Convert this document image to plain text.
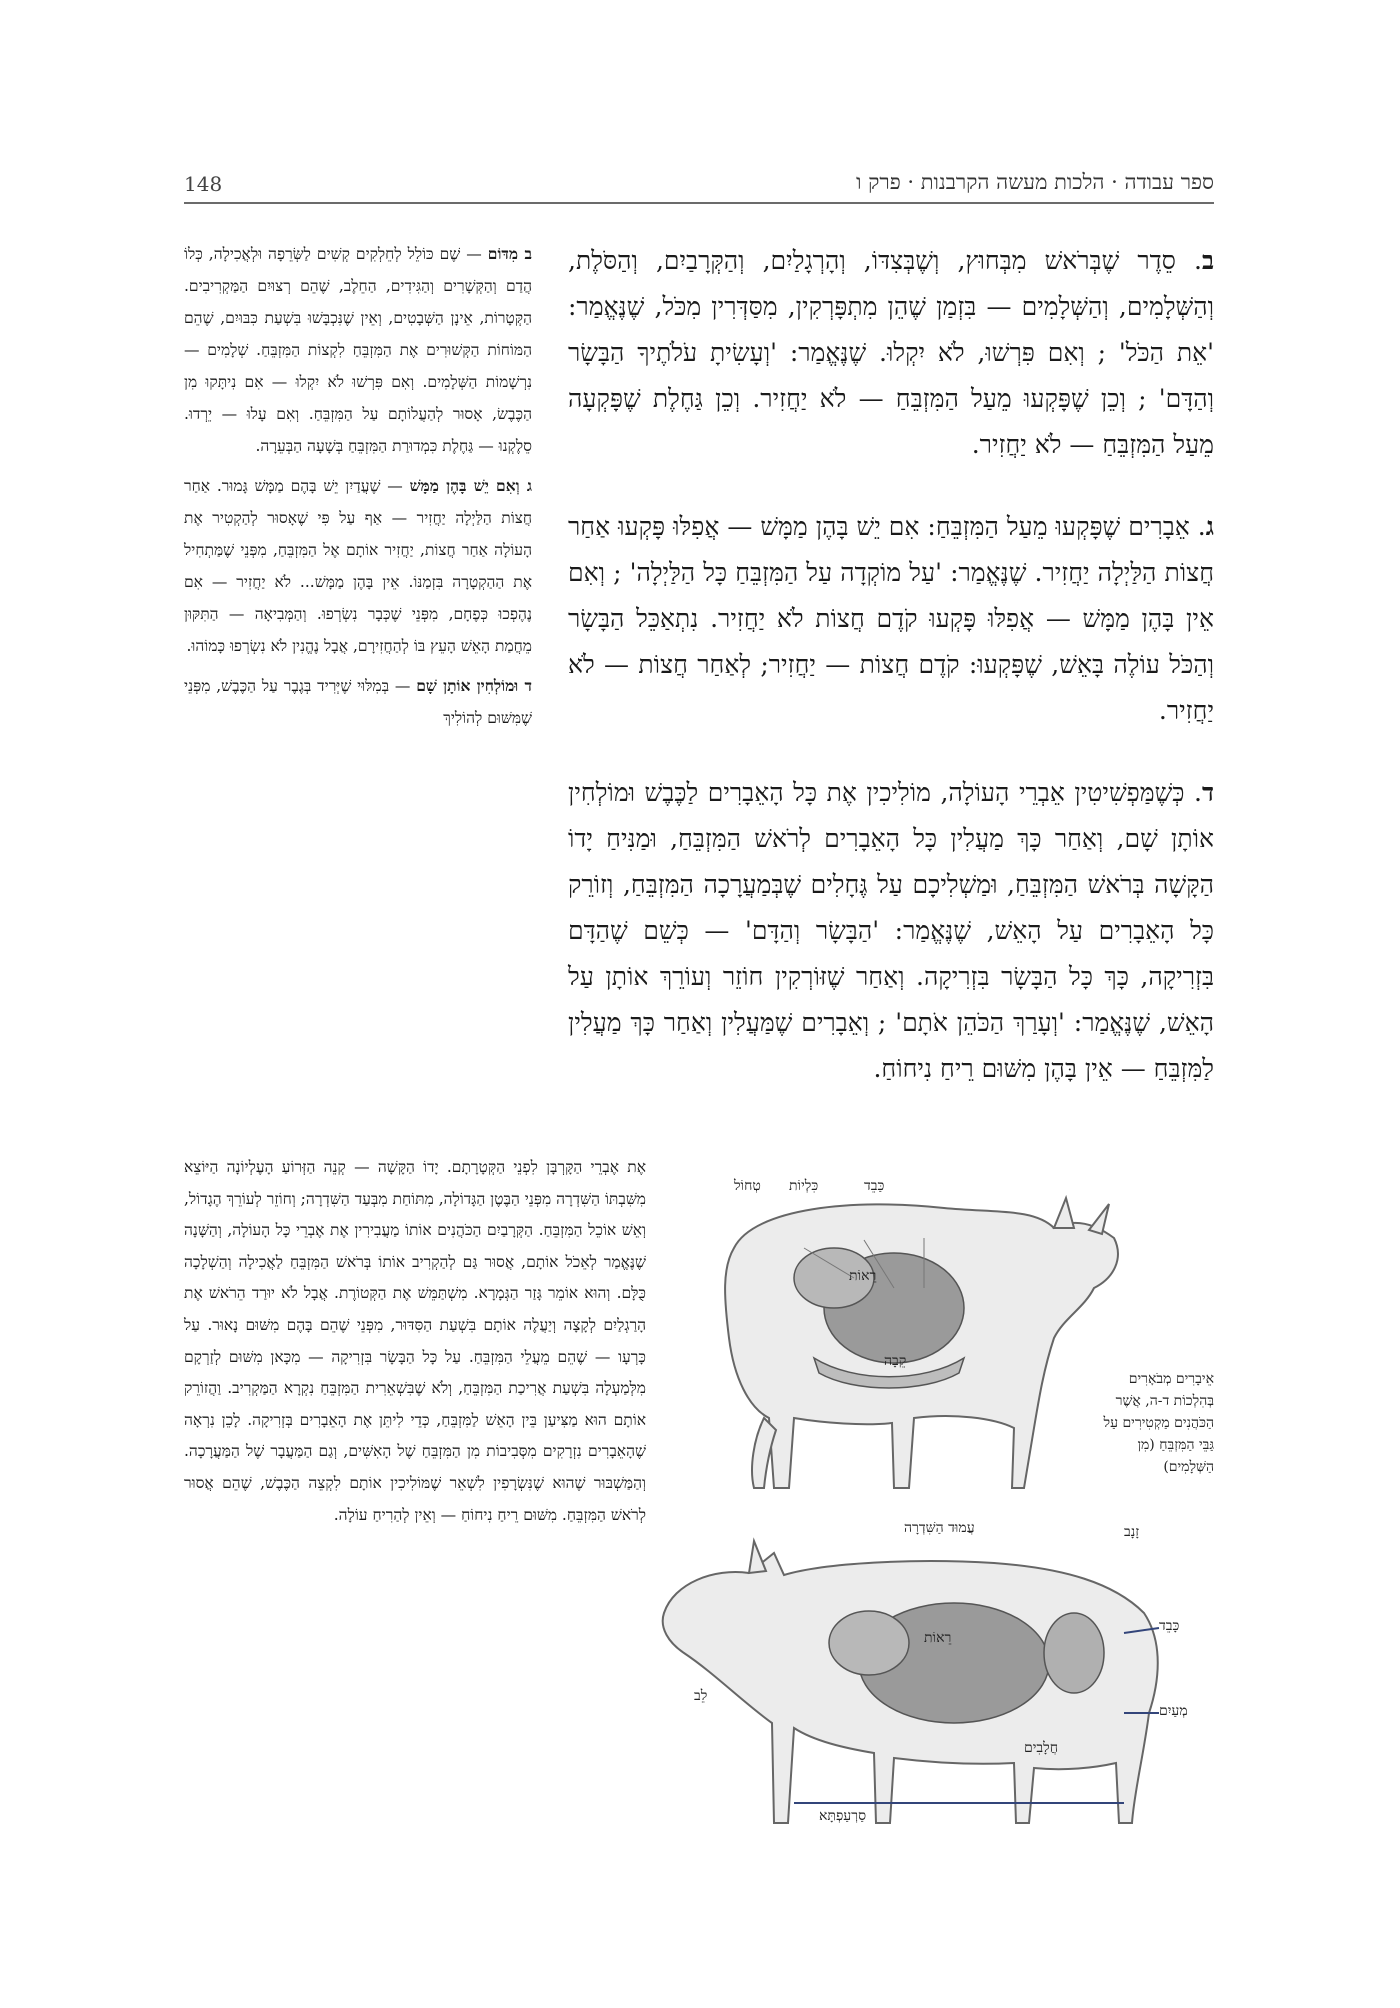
148	ספר עבודה · הלכות מעשה הקרבנות · פרק ו

ב. סֵדֶר שֶׁבְּרֹאשׁ מִבְּחוּץ, וְשֶׁבְּצִדּוֹ, וְהָרְגָלַיִם, וְהַקְּרָבַיִם, וְהַסֹּלֶת, וְהַשְּׁלָמִים, וְהַשְּׁלָמִים — בִּזְמַן שֶׁהֵן מִתְפָּרְקִין, מִסַּדְּרִין מִכֹּל, שֶׁנֶּאֱמַר: 'אֵת הַכֹּל' ; וְאִם פִּרְשׁוּ, לֹא יִקְלוּ. שֶׁנֶּאֱמַר: 'וְעָשִׂיתָ עֹלֹתֶיךָ הַבָּשָׂר וְהַדָּם' ; וְכֵן שֶׁפָּקְעוּ מֵעַל הַמִּזְבֵּחַ — לֹא יַחֲזִיר. וְכֵן גַּחֶלֶת שֶׁפָּקְעָה מֵעַל הַמִּזְבֵּחַ — לֹא יַחֲזִיר.

ג. אֵבָרִים שֶׁפָּקְעוּ מֵעַל הַמִּזְבֵּחַ: אִם יֵשׁ בָּהֶן מַמָּשׁ — אֲפִלּוּ פָּקְעוּ אַחַר חֲצוֹת הַלַּיְלָה יַחֲזִיר. שֶׁנֶּאֱמַר: 'עַל מוֹקְדָה עַל הַמִּזְבֵּחַ כָּל הַלַּיְלָה' ; וְאִם אֵין בָּהֶן מַמָּשׁ — אֲפִלּוּ פָּקְעוּ קֹדֶם חֲצוֹת לֹא יַחֲזִיר. נִתְאַכֵּל הַבָּשָׂר וְהַכֹּל עוֹלֶה בָּאֵשׁ, שֶׁפָּקְעוּ: קֹדֶם חֲצוֹת — יַחֲזִיר; לְאַחַר חֲצוֹת — לֹא יַחֲזִיר.

ד. כְּשֶׁמַּפְשִׁיטִין אֵבְרֵי הָעוֹלָה, מוֹלִיכִין אֶת כָּל הָאֵבָרִים לַכֶּבֶשׁ וּמוֹלְחִין אוֹתָן שָׁם, וְאַחַר כָּךְ מַעֲלִין כָּל הָאֵבָרִים לְרֹאשׁ הַמִּזְבֵּחַ, וּמַנִּיחַ יָדוֹ הַקָּשָׁה בְּרֹאשׁ הַמִּזְבֵּחַ, וּמַשְׁלִיכָם עַל גֶּחָלִים שֶׁבְּמַעֲרָכָה הַמִּזְבֵּחַ, וְזוֹרֵק כָּל הָאֵבָרִים עַל הָאֵשׁ, שֶׁנֶּאֱמַר: 'הַבָּשָׂר וְהַדָּם' — כְּשֵׁם שֶׁהַדָּם בִּזְרִיקָה, כָּךְ כָּל הַבָּשָׂר בִּזְרִיקָה. וְאַחַר שֶׁזּוֹרְקִין חוֹזֵר וְעוֹרֵךְ אוֹתָן עַל הָאֵשׁ, שֶׁנֶּאֱמַר: 'וְעָרַךְ הַכֹּהֵן אֹתָם' ; וְאֵבָרִים שֶׁמַּעֲלִין וְאַחַר כָּךְ מַעֲלִין לַמִּזְבֵּחַ — אֵין בָּהֶן מִשּׁוּם רֵיחַ נִיחוֹחַ.

ב מִדּוֹם — שֶׁם כּוֹלֵל לְחֵלְקִים קְשִׁים לַשְּׂרֵפָה וּלְאֲכִילָה, כְּלוֹ הֲדַם וְהַקְּשָׁרִים וְהַגִּידִים, הַחֵלֶב, שֶׁהֵם רְצוּיִם הַמַּקְרִיבִים. הַקְּטָרוֹת, אֵינָן הַשְּׁבָטִים, וְאֵין שֶׁנִּכְבָּשׁוּ בִּשְׁעַת כִּבּוּיִם, שֶׁהֵם הַמּוֹחוֹת הַקְּשׁוּרִים אֶת הַמִּזְבֵּחַ לִקְצוֹת הַמִּזְבֵּחַ. שְׁלָמִים — נִרְשָׁמוֹת הַשְּׁלָמִים. וְאִם פִּרְשׁוּ לֹא יִקְלוּ — אִם נִיתָּקוּ מִן הַכֶּבֶשׂ, אָסוּר לְהַעֲלוֹתָם עַל הַמִּזְבֵּחַ. וְאִם עָלוּ — יֵרְדוּ. סֵלֶקְנוּ — גַּחֶלֶת כִּמְדוּרַת הַמִּזְבֵּחַ בְּשָׁעָה הַבְּעֵרָה.

ג וְאִם יֵשׁ בָּהֶן מַמָּשׁ — שֶׁעֲדַיִן יֵשׁ בָּהֶם מַמָּשׁ גָּמוּר. אַחַר חֲצוֹת הַלַּיְלָה יַחֲזִיר — אַף עַל פִּי שֶׁאָסוּר לְהַקְטִיר אֶת הָעוֹלָה אַחַר חֲצוֹת, יַחֲזִיר אוֹתָם אֶל הַמִּזְבֵּחַ, מִפְּנֵי שֶׁמַּתְחִיל אֶת הַהַקְטָרָה בִּזְמַנּוֹ. אֵין בָּהֶן מַמָּשׁ... לֹא יַחֲזִיר — אִם נֶהֶפְכוּ כְּפֶחָם, מִפְּנֵי שֶׁכְּבָר נִשְׂרְפוּ. וְהַמְּבִיאָה — הַתִּקּוּן מֵחֲמַת הָאֵשׁ הָעֵץ בּוֹ לְהַחֲזִירָם, אֲבָל נֶהֱנִין לֹא נִשְׂרְפוּ כָּמוֹהוּ.

ד וּמוֹלְחִין אוֹתָן שָׁם — בְּמִלּוּי שֶׁיְּרִיד בְּגֶבֶר עַל הַכֶּבֶשׁ, מִפְּנֵי שֶׁמִּשּׁוּם לְהוֹלִיךְ

אֶת אֶבְרֵי הַקָּרְבָּן לִפְנֵי הַקְּטָרָתָם. יָדוֹ הַקָּשָׁה — קְנֵה הַזְּרוֹעַ הָעֶלְיוֹנָה הַיּוֹצֵא מִשִּׁבְתּוֹ הַשִּׁדְרָה מִפְּנֵי הַבֶּטֶן הַגָּדוֹלָה, מִתּוֹחַת מִבְּעַד הַשִּׁדְרָה; וְחוֹזֵר לְעוֹרֵךְ הֶגָדוֹל, וְאֵשׁ אוֹכֵל הַמִּזְבֵּחַ. הַקְּרָבַיִם הַכֹּהֲנִים אוֹתוֹ מַעֲבִירִין אֶת אֶבְרֵי כָּל הָעוֹלָה, וְהַשָּׁנָה שֶׁנֶּאֱמַר לְאֵכֹל אוֹתָם, אֲסוּר גַּם לְהַקְרִיב אוֹתוֹ בְּרֹאשׁ הַמִּזְבֵּחַ לַאֲכִילָה וְהַשְׁלָכָה כֻּלָּם. וְהוּא אוֹמֵר גָּזַר הַגְּמָרָא. מִשְׁתַּמֵּשׁ אֶת הַקְּטוֹרֶת. אֲבָל לֹא יוּרַד הֵרֹאשׁ אֶת הָרַגְלַיִם לְקָצָה וְיַעֲלֶה אוֹתָם בִּשְׁעַת הַסִּדּוּר, מִפְּנֵי שֶׁהֵם בָּהֶם מִשּׁוּם נָאוּר. עַל כָּרְעָו — שֶׁהֵם מֵעֲלֵי הַמִּזְבֵּחַ. עַל כָּל הַבָּשָׂר בִּזְרִיקָה — מִכָּאן מִשּׁוּם לְזַרְקָם מִלְּמַעְלָה בִּשְׁעַת אֲרִיכַת הַמִּזְבֵּחַ, וְלֹא שֶׁבִּשְׁאֵרִית הַמִּזְבֵּחַ נִקְרָא הַמַּקְרִיב. וַהֲזוֹרֵק אוֹתָם הוּא מַצִּיעַן בֵּין הָאֵשׁ לַמִּזְבֵּחַ, כְּדֵי לִיתֵּן אֶת הָאֵבָרִים בְּזְרִיקָה. לָכֵן נִרְאָה שֶׁהָאֵבָרִים נִזְרָקִים מִסְּבִיבוֹת מִן הַמִּזְבֵּחַ שֶׁל הָאִשִּׁים, וְגַם הַמַּעֲבָר שֶׁל הַמַּעֲרָכָה. וְהַמַּשְׁבּוּר שֶׁהוּא שֶׁנִּשְׂרָפִין לִשְׁאֵר שֶׁמּוֹלִיכִין אוֹתָם לִקְצֵה הַכֶּבֶשׁ, שֶׁהֵם אֲסוּר לְרֹאשׁ הַמִּזְבֵּחַ. מִשּׁוּם רֵיחַ נִיחוֹחַ — וְאֵין לְהַרִיחַ עוֹלָה.
כַּבֵד
כִּלְיוֹת
טְחוֹל
רֵאוֹת
קֵבָה
עֲמוּד הַשִּׁדְרָה	זָנָב
כָּבֵד
רֵאוֹת
לֵב
מְעַיִם
חֲלָבִים
סַרְעַפְתָּא
אֵיבָרִים מְבֹאָרִים בְּהִלְכוֹת ד-ה, אֲשֶׁר הַכֹּהֲנִים מַקְטִירִים עַל גַּבֵּי הַמִּזְבֵּחַ (מִן הַשְּׁלָמִים)
